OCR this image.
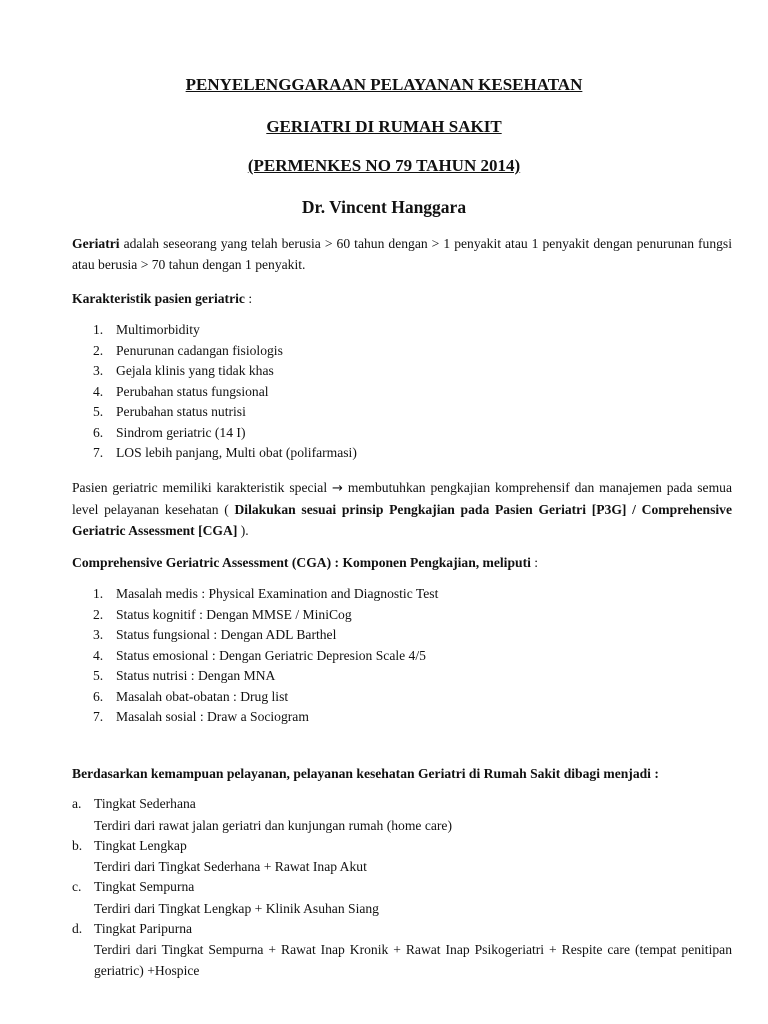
PENYELENGGARAAN PELAYANAN KESEHATAN
GERIATRI DI RUMAH SAKIT
(PERMENKES NO 79 TAHUN 2014)
Dr. Vincent Hanggara
Geriatri adalah seseorang yang telah berusia > 60 tahun dengan > 1 penyakit atau 1 penyakit dengan penurunan fungsi atau berusia > 70 tahun dengan 1 penyakit.
Karakteristik pasien geriatric :
1. Multimorbidity
2. Penurunan cadangan fisiologis
3. Gejala klinis yang tidak khas
4. Perubahan status fungsional
5. Perubahan status nutrisi
6. Sindrom geriatric (14 I)
7. LOS lebih panjang, Multi obat (polifarmasi)
Pasien geriatric memiliki karakteristik special → membutuhkan pengkajian komprehensif dan manajemen pada semua level pelayanan kesehatan ( Dilakukan sesuai prinsip Pengkajian pada Pasien Geriatri [P3G] / Comprehensive Geriatric Assessment [CGA] ).
Comprehensive Geriatric Assessment (CGA) : Komponen Pengkajian, meliputi :
1. Masalah medis : Physical Examination and Diagnostic Test
2. Status kognitif : Dengan MMSE / MiniCog
3. Status fungsional : Dengan ADL Barthel
4. Status emosional : Dengan Geriatric Depresion Scale 4/5
5. Status nutrisi : Dengan MNA
6. Masalah obat-obatan : Drug list
7. Masalah sosial : Draw a Sociogram
Berdasarkan kemampuan pelayanan, pelayanan kesehatan Geriatri di Rumah Sakit dibagi menjadi :
a. Tingkat Sederhana
Terdiri dari rawat jalan geriatri dan kunjungan rumah (home care)
b. Tingkat Lengkap
Terdiri dari Tingkat Sederhana + Rawat Inap Akut
c. Tingkat Sempurna
Terdiri dari Tingkat Lengkap + Klinik Asuhan Siang
d. Tingkat Paripurna
Terdiri dari Tingkat Sempurna + Rawat Inap Kronik + Rawat Inap Psikogeriatri + Respite care (tempat penitipan geriatric) +Hospice
